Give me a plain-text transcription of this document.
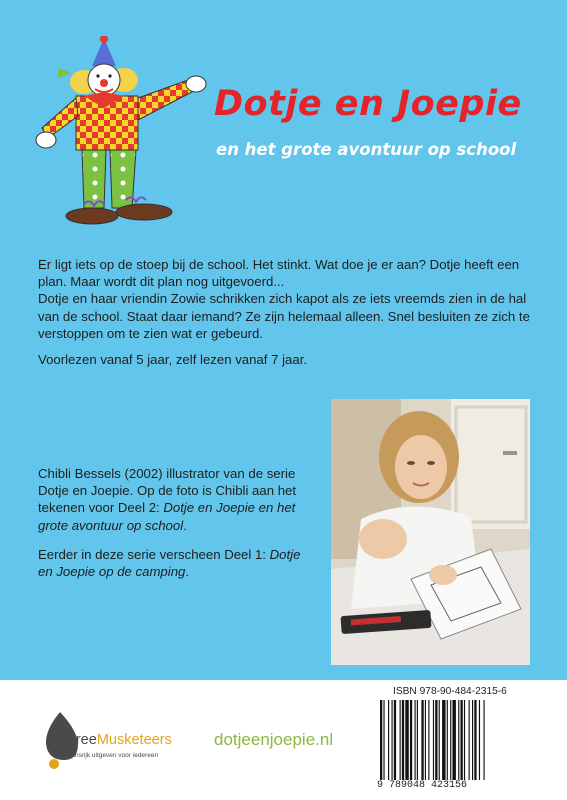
Dotje en Joepie
en het grote avontuur op school

Er ligt iets op de stoep bij de school. Het stinkt. Wat doe je er aan? Dotje heeft een plan. Maar wordt dit plan nog uitgevoerd...
Dotje en haar vriendin Zowie schrikken zich kapot als ze iets vreemds zien in de hal van de school. Staat daar iemand? Ze zijn helemaal alleen. Snel besluiten ze zich te verstoppen om te zien wat er gebeurd.

Voorlezen vanaf 5 jaar, zelf lezen vanaf 7 jaar.

Chibli Bessels (2002) illustrator van de serie Dotje en Joepie. Op de foto is Chibli aan het tekenen voor Deel 2: Dotje en Joepie en het grote avontuur op school.

Eerder in deze serie verscheen Deel 1: Dotje en Joepie op de camping.

FreeMusketeers
Kansrijk uitgeven voor iedereen
dotjeenjoepie.nl
ISBN 978-90-484-2315-6
9 789048 423156
